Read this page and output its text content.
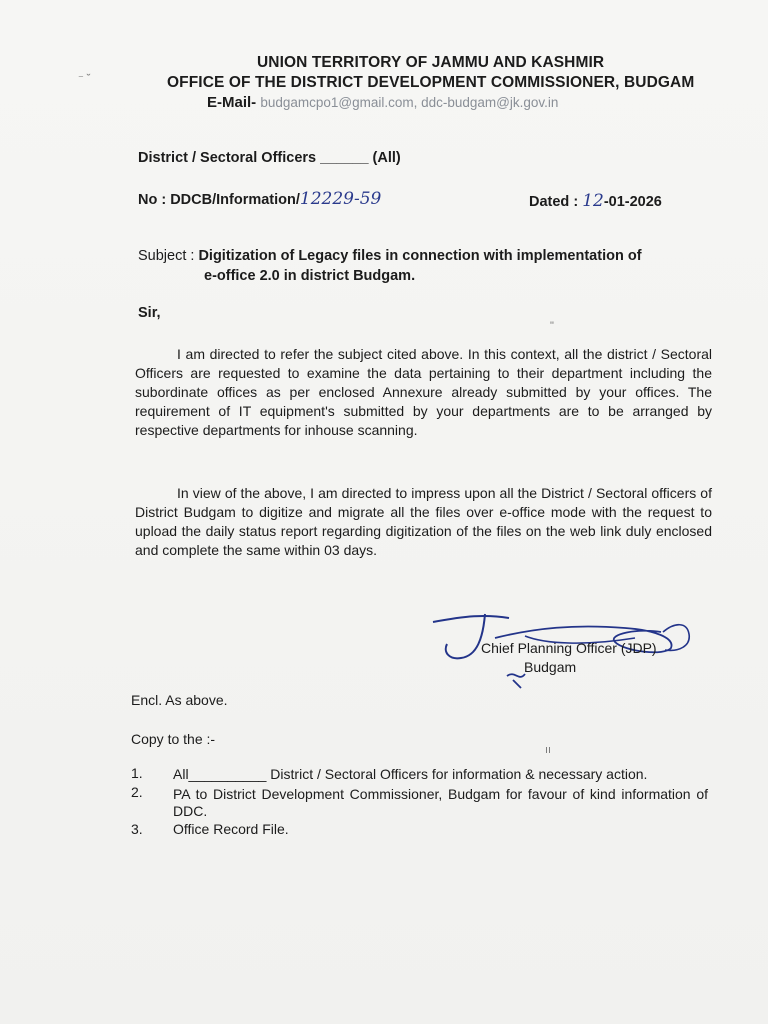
⁻ ˘
UNION TERRITORY OF JAMMU AND KASHMIR
OFFICE OF THE DISTRICT DEVELOPMENT COMMISSIONER, BUDGAM
E-Mail- budgamcpo1@gmail.com, ddc-budgam@jk.gov.in
District / Sectoral Officers ______ (All)
No : DDCB/Information/12229-59	Dated : 12-01-2026
Subject : Digitization of Legacy files in connection with implementation of
e-office 2.0 in district Budgam.
Sir,
"

I am directed to refer the subject cited above. In this context, all the district / Sectoral Officers are requested to examine the data pertaining to their department including the subordinate offices as per enclosed Annexure already submitted by your offices. The requirement of IT equipment's submitted by your departments are to be arranged by respective departments for inhouse scanning.

In view of the above, I am directed to impress upon all the District / Sectoral officers of District Budgam to digitize and migrate all the files over e-office mode with the request to upload the daily status report regarding digitization of the files on the web link duly enclosed and complete the same within 03 days.

Chief Planning Officer (JDP)
Budgam
Encl. As above.
Copy to the :-
ıı
1. All__________ District / Sectoral Officers for information & necessary action.
2. PA to District Development Commissioner, Budgam for favour of kind information of DDC.
3. Office Record File.
